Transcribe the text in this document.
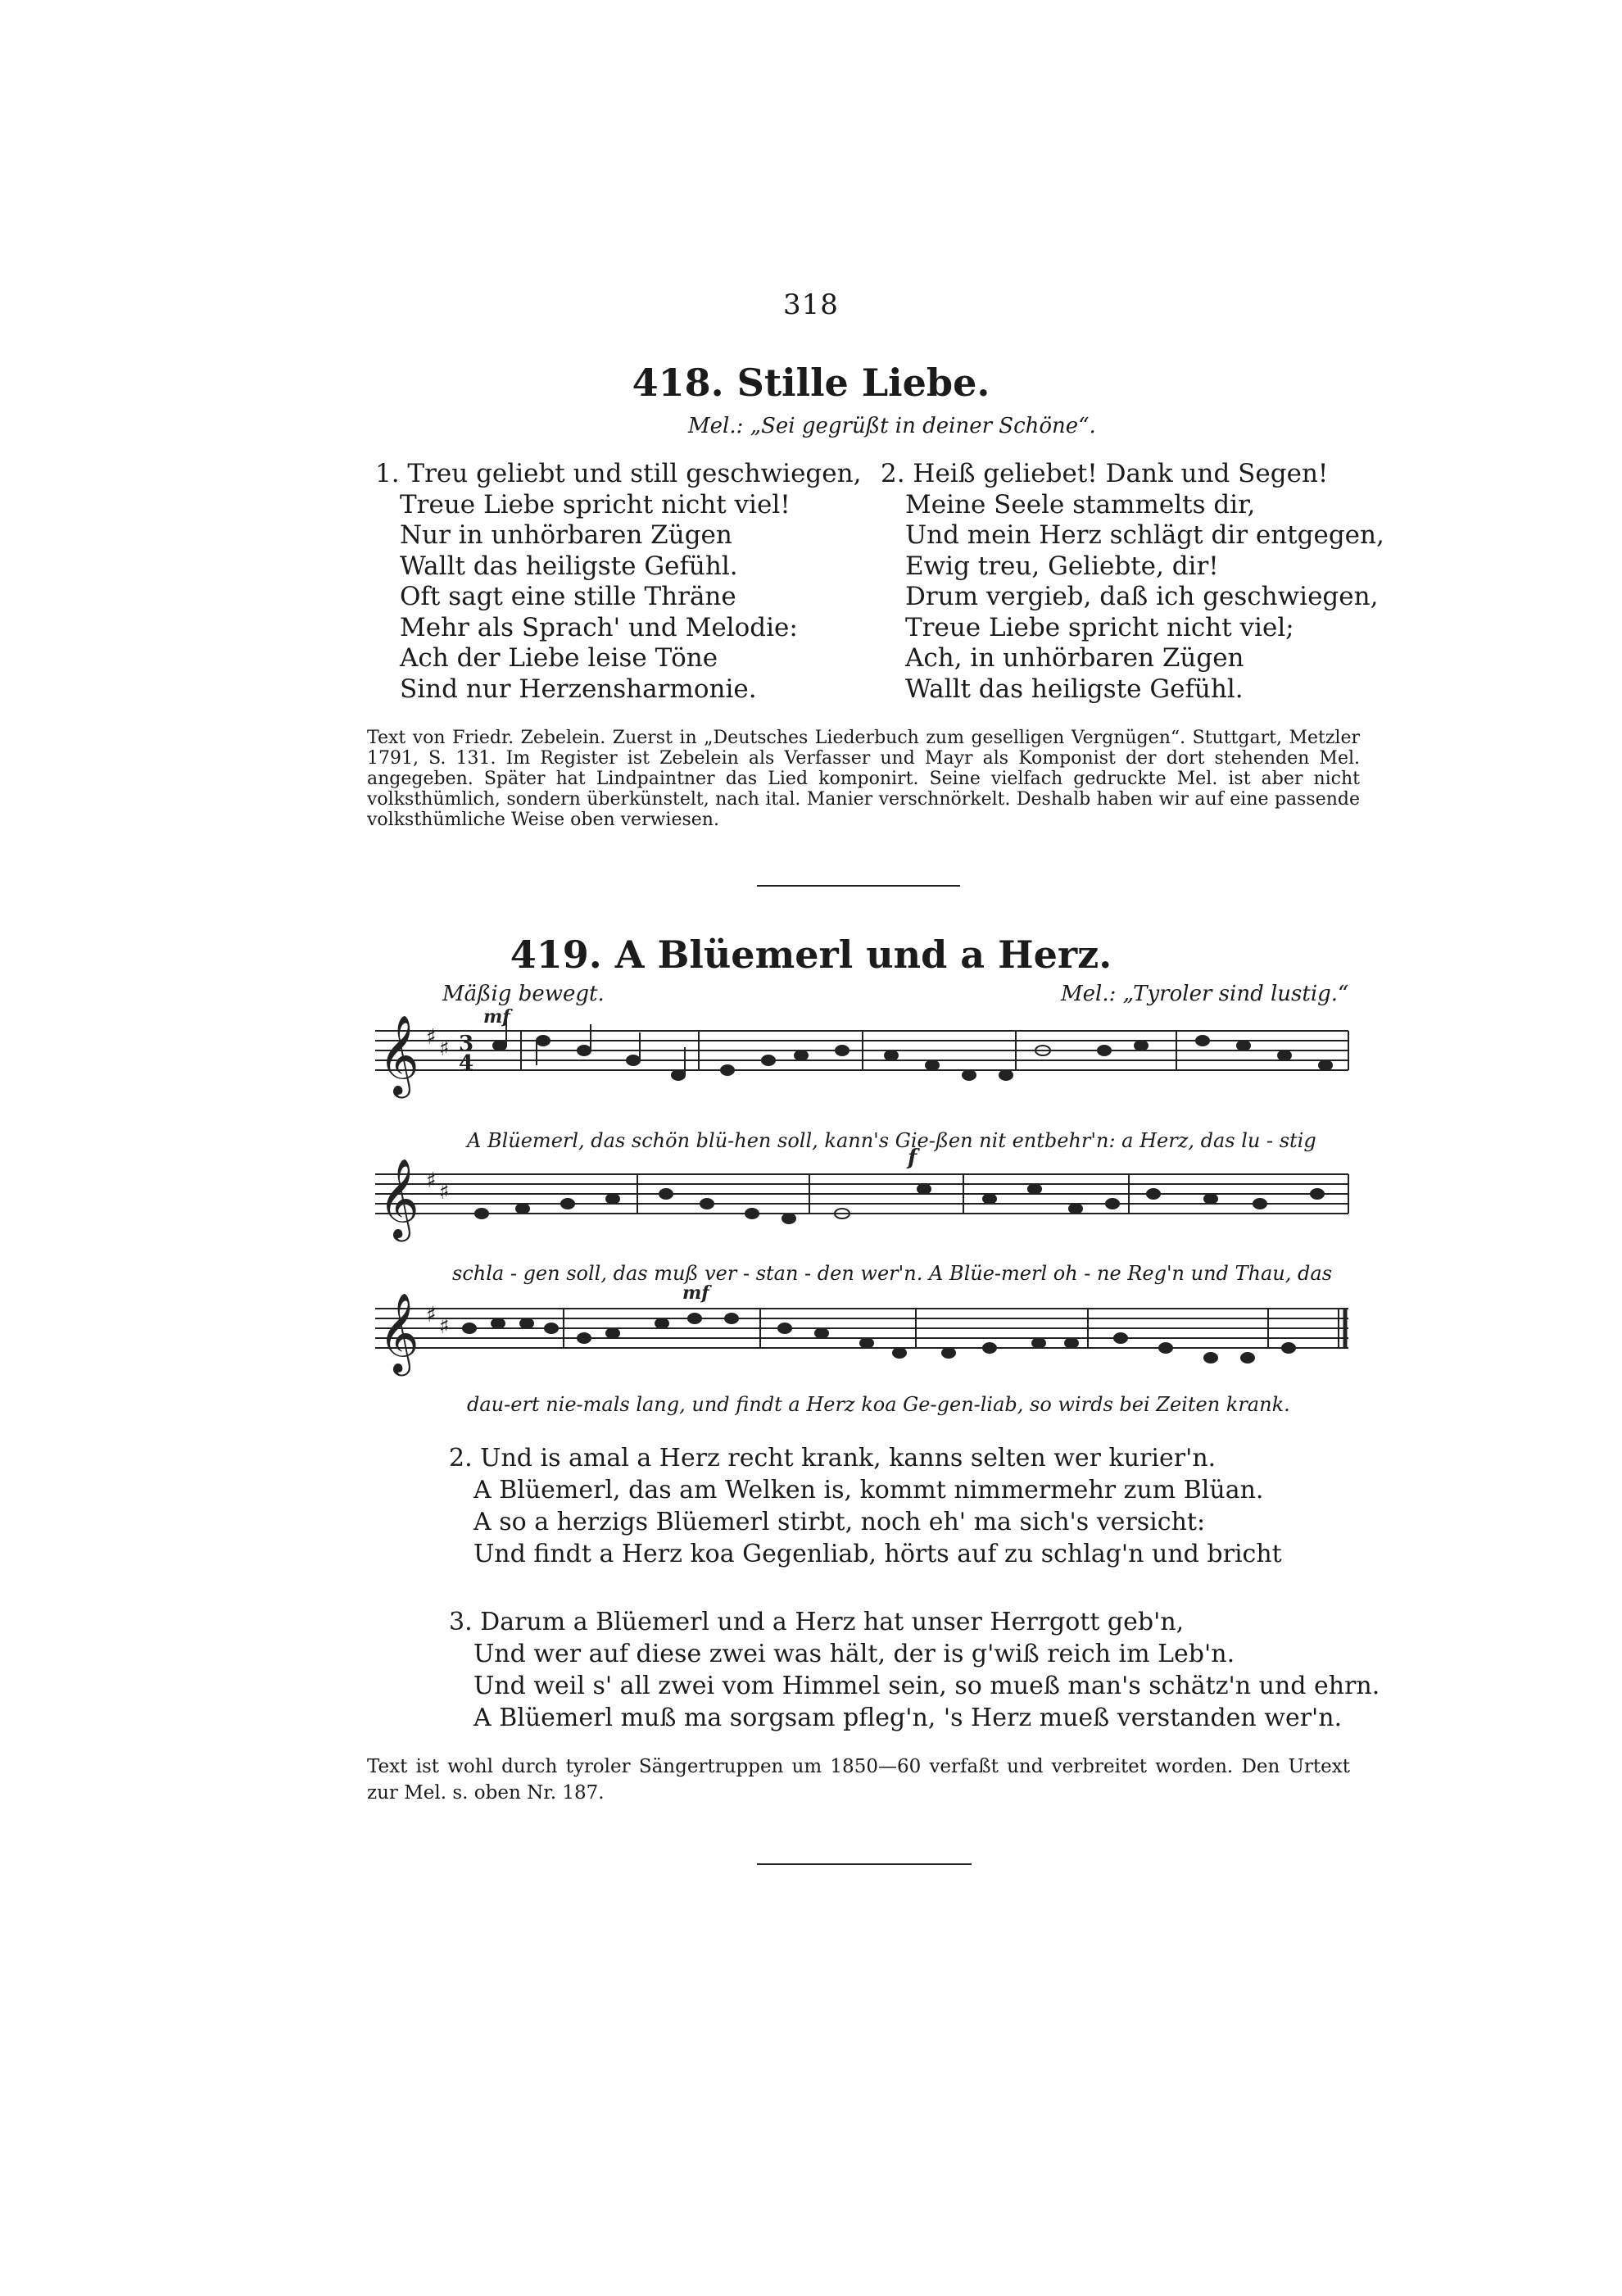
318
418. Stille Liebe.
Mel.: „Sei gegrüßt in deiner Schöne“.
1. Treu geliebt und still geschwiegen,
Treue Liebe spricht nicht viel!
Nur in unhörbaren Zügen
Wallt das heiligste Gefühl.
Oft sagt eine stille Thräne
Mehr als Sprach' und Melodie:
Ach der Liebe leise Töne
Sind nur Herzensharmonie.
2. Heiß geliebet! Dank und Segen!
Meine Seele stammelts dir,
Und mein Herz schlägt dir entgegen,
Ewig treu, Geliebte, dir!
Drum vergieb, daß ich geschwiegen,
Treue Liebe spricht nicht viel;
Ach, in unhörbaren Zügen
Wallt das heiligste Gefühl.
Text von Friedr. Zebelein. Zuerst in „Deutsches Liederbuch zum geselligen Vergnügen“. Stuttgart, Metzler 1791, S. 131. Im Register ist Zebelein als Verfasser und Mayr als Komponist der dort stehenden Mel. angegeben. Später hat Lindpaintner das Lied komponirt. Seine vielfach gedruckte Mel. ist aber nicht volksthümlich, sondern überkünstelt, nach ital. Manier verschnörkelt. Deshalb haben wir auf eine passende volksthümliche Weise oben verwiesen.
419. A Blüemerl und a Herz.
Mäßig bewegt.	Mel.: „Tyroler sind lustig.“
𝄞 ♯ ♯ 3
4
mf
A Blüemerl, das schön blü-hen soll, kann's Gie-ßen nit entbehr'n: a Herz, das lu - stig
𝄞 ♯ ♯
f
schla - gen soll, das muß ver - stan - den wer'n. A Blüe-merl oh - ne Reg'n und Thau, das
𝄞 ♯ ♯
mf
dau-ert nie-mals lang, und findt a Herz koa Ge-gen-liab, so wirds bei Zeiten krank.
2. Und is amal a Herz recht krank, kanns selten wer kurier'n.
A Blüemerl, das am Welken is, kommt nimmermehr zum Blüan.
A so a herzigs Blüemerl stirbt, noch eh' ma sich's versicht:
Und findt a Herz koa Gegenliab, hörts auf zu schlag'n und bricht
3. Darum a Blüemerl und a Herz hat unser Herrgott geb'n,
Und wer auf diese zwei was hält, der is g'wiß reich im Leb'n.
Und weil s' all zwei vom Himmel sein, so mueß man's schätz'n und ehrn.
A Blüemerl muß ma sorgsam pfleg'n, 's Herz mueß verstanden wer'n.
Text ist wohl durch tyroler Sängertruppen um 1850—60 verfaßt und verbreitet worden. Den Urtext zur Mel. s. oben Nr. 187.
